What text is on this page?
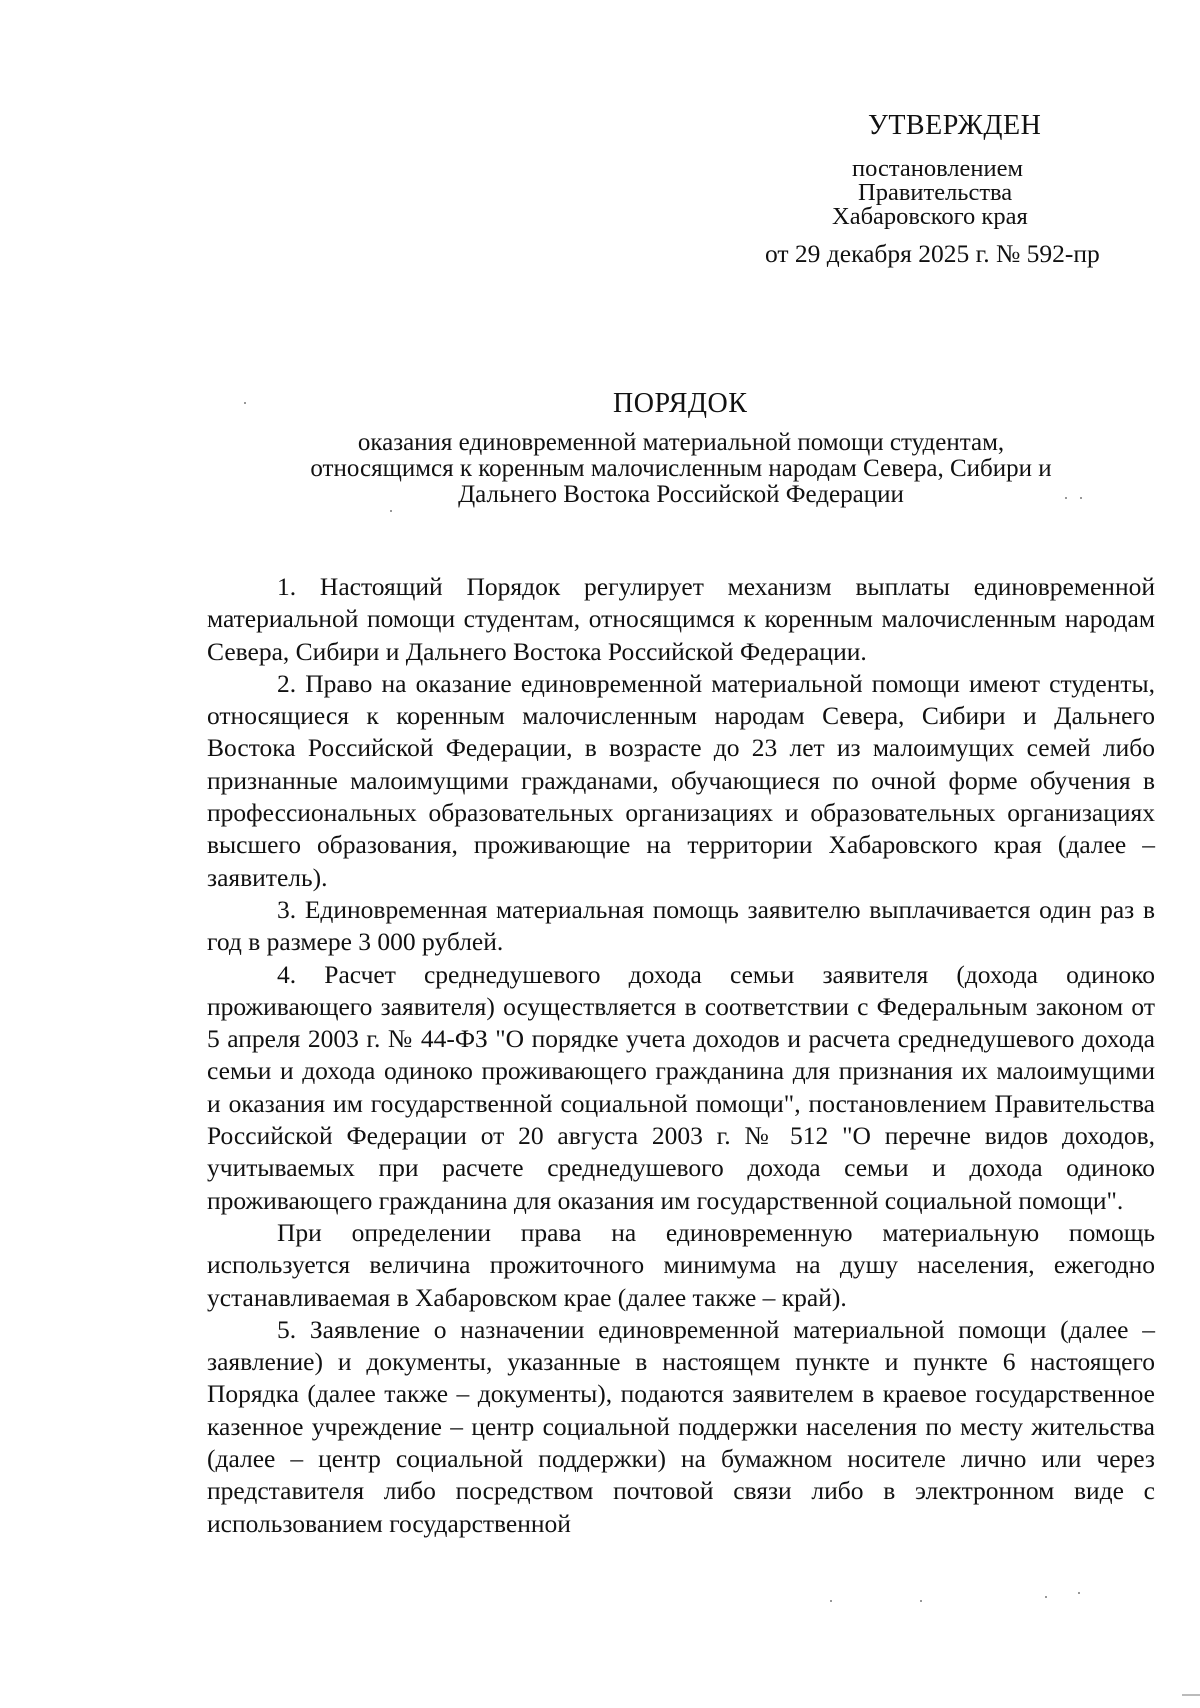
УТВЕРЖДЕН
постановлением
Правительства
Хабаровского края
от 29 декабря 2025 г. № 592-пр
ПОРЯДОК
оказания единовременной материальной помощи студентам,
относящимся к коренным малочисленным народам Севера, Сибири и
Дальнего Востока Российской Федерации

1. Настоящий Порядок регулирует механизм выплаты единовременной материальной помощи студентам, относящимся к коренным малочисленным народам Севера, Сибири и Дальнего Востока Российской Федерации.

2. Право на оказание единовременной материальной помощи имеют студенты, относящиеся к коренным малочисленным народам Севера, Сибири и Дальнего Востока Российской Федерации, в возрасте до 23 лет из малоимущих семей либо признанные малоимущими гражданами, обучающиеся по очной форме обучения в профессиональных образовательных организациях и образовательных организациях высшего образования, проживающие на территории Хабаровского края (далее – заявитель).

3. Единовременная материальная помощь заявителю выплачивается один раз в год в размере 3 000 рублей.

4. Расчет среднедушевого дохода семьи заявителя (дохода одиноко проживающего заявителя) осуществляется в соответствии с Федеральным законом от 5 апреля 2003 г. № 44-ФЗ "О порядке учета доходов и расчета среднедушевого дохода семьи и дохода одиноко проживающего гражданина для признания их малоимущими и оказания им государственной социальной помощи", постановлением Правительства Российской Федерации от 20 августа 2003 г. № 512 "О перечне видов доходов, учитываемых при расчете среднедушевого дохода семьи и дохода одиноко проживающего гражданина для оказания им государственной социальной помощи".

При определении права на единовременную материальную помощь используется величина прожиточного минимума на душу населения, ежегодно устанавливаемая в Хабаровском крае (далее также – край).

5. Заявление о назначении единовременной материальной помощи (далее – заявление) и документы, указанные в настоящем пункте и пункте 6 настоящего Порядка (далее также – документы), подаются заявителем в краевое государственное казенное учреждение – центр социальной поддержки населения по месту жительства (далее – центр социальной поддержки) на бумажном носителе лично или через представителя либо посредством почтовой связи либо в электронном виде с использованием государственной
